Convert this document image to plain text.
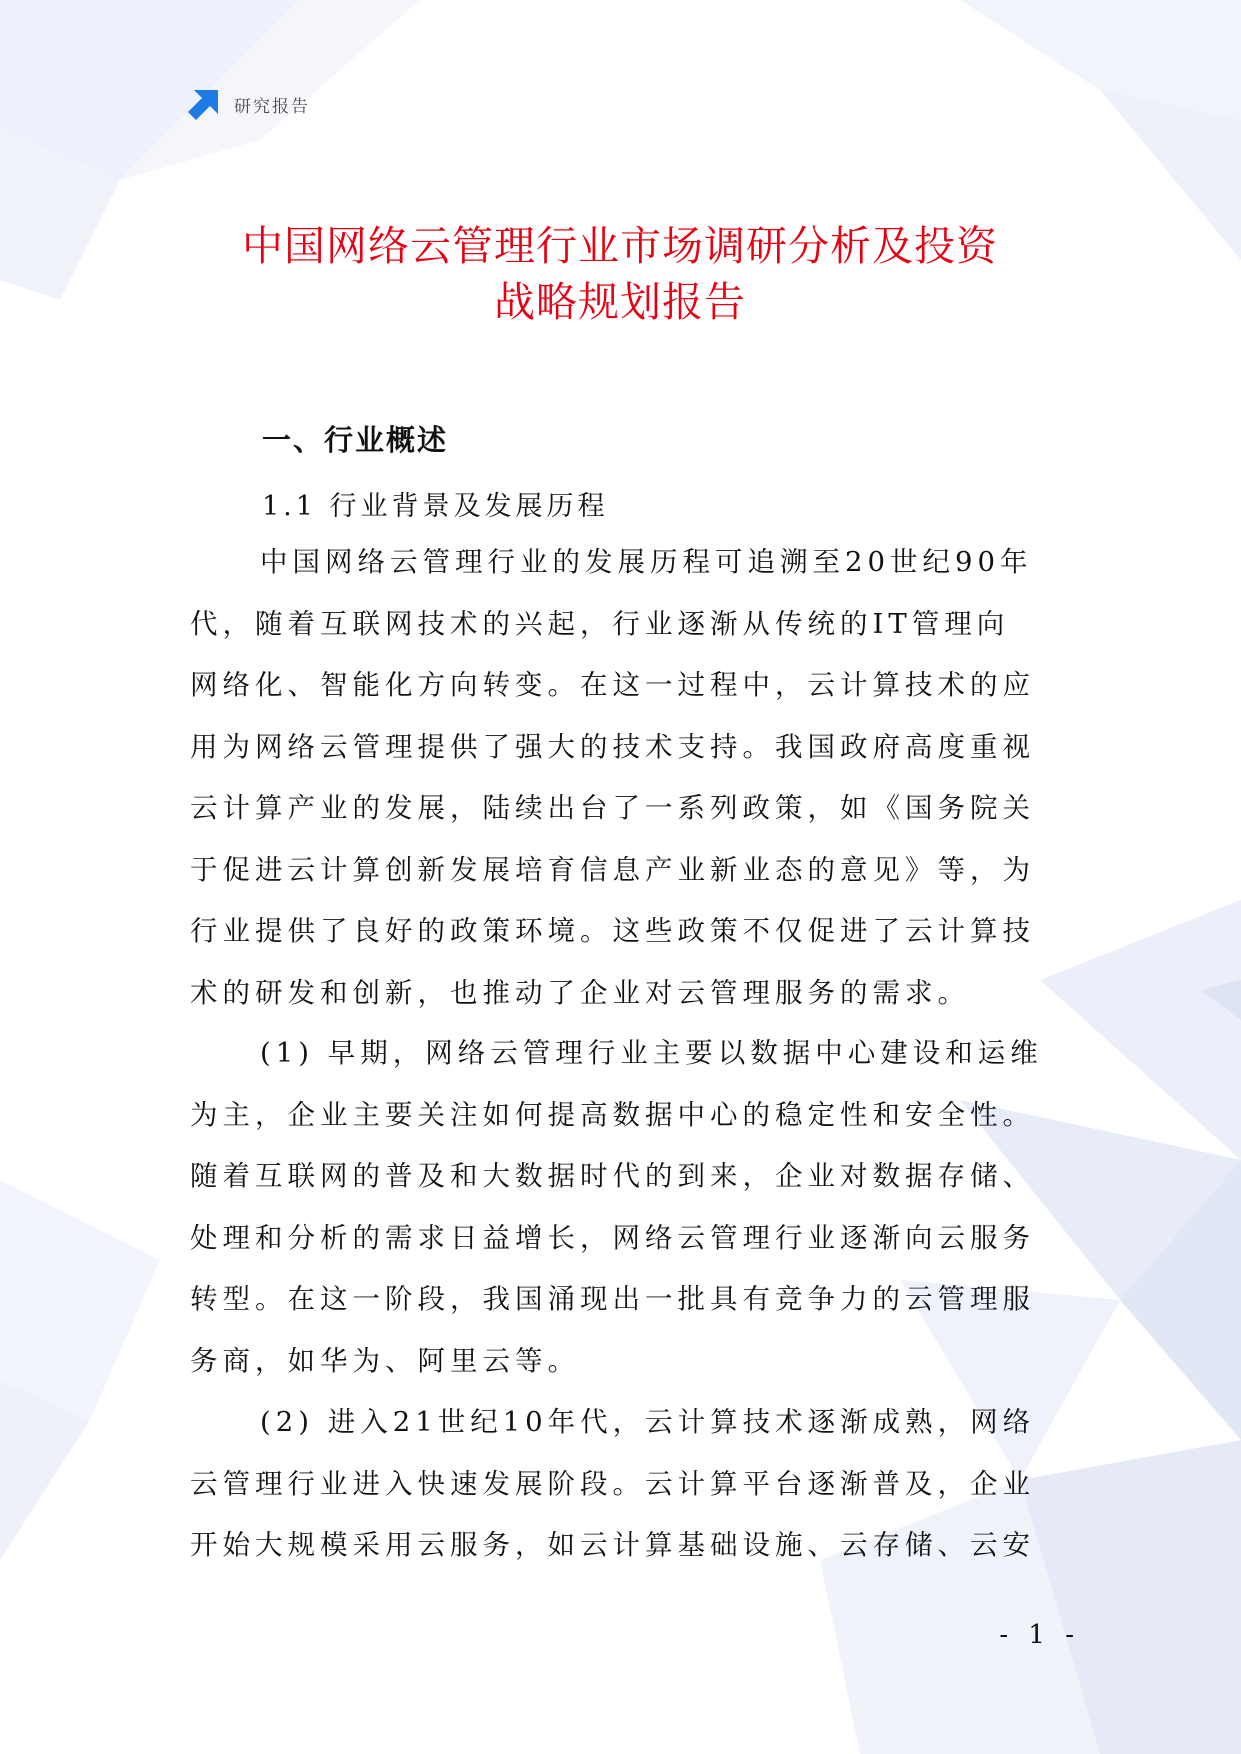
研究报告
中国网络云管理行业市场调研分析及投资
战略规划报告
一、行业概述
1.1 行业背景及发展历程
中国网络云管理行业的发展历程可追溯至20世纪90年
代，随着互联网技术的兴起，行业逐渐从传统的IT管理向
网络化、智能化方向转变。在这一过程中，云计算技术的应
用为网络云管理提供了强大的技术支持。我国政府高度重视
云计算产业的发展，陆续出台了一系列政策，如《国务院关
于促进云计算创新发展培育信息产业新业态的意见》等，为
行业提供了良好的政策环境。这些政策不仅促进了云计算技
术的研发和创新，也推动了企业对云管理服务的需求。
(1) 早期，网络云管理行业主要以数据中心建设和运维
为主，企业主要关注如何提高数据中心的稳定性和安全性。
随着互联网的普及和大数据时代的到来，企业对数据存储、
处理和分析的需求日益增长，网络云管理行业逐渐向云服务
转型。在这一阶段，我国涌现出一批具有竞争力的云管理服
务商，如华为、阿里云等。
(2) 进入21世纪10年代，云计算技术逐渐成熟，网络
云管理行业进入快速发展阶段。云计算平台逐渐普及，企业
开始大规模采用云服务，如云计算基础设施、云存储、云安
- 1 -
